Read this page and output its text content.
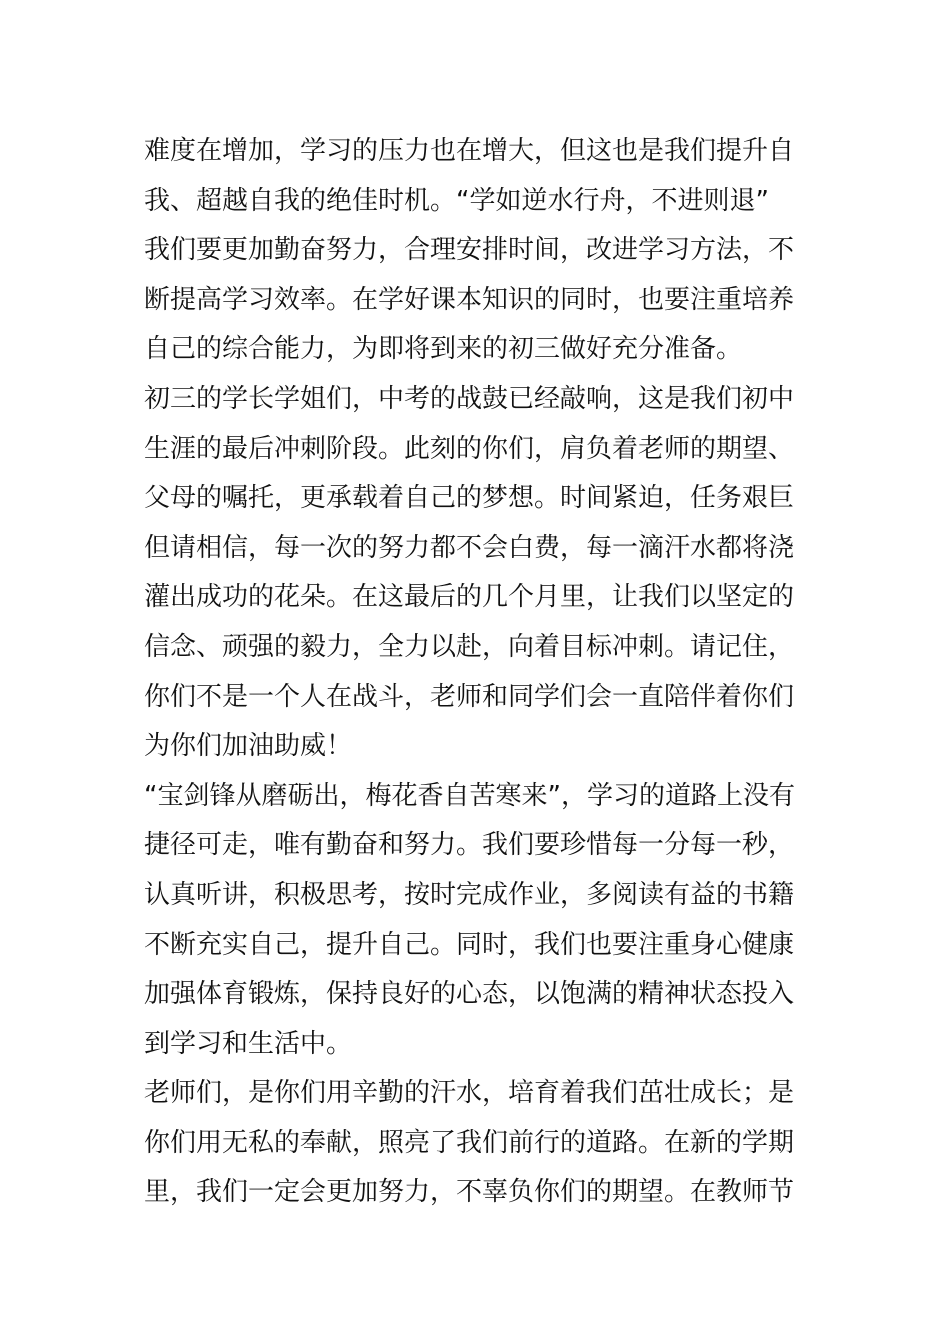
难度在增加，学习的压力也在增大，但这也是我们提升自
我、超越自我的绝佳时机。“学如逆水行舟，不进则退”
我们要更加勤奋努力，合理安排时间，改进学习方法，不
断提高学习效率。在学好课本知识的同时，也要注重培养
自己的综合能力，为即将到来的初三做好充分准备。
初三的学长学姐们，中考的战鼓已经敲响，这是我们初中
生涯的最后冲刺阶段。此刻的你们，肩负着老师的期望、
父母的嘱托，更承载着自己的梦想。时间紧迫，任务艰巨
但请相信，每一次的努力都不会白费，每一滴汗水都将浇
灌出成功的花朵。在这最后的几个月里，让我们以坚定的
信念、顽强的毅力，全力以赴，向着目标冲刺。请记住，
你们不是一个人在战斗，老师和同学们会一直陪伴着你们
为你们加油助威！
“宝剑锋从磨砺出，梅花香自苦寒来”，学习的道路上没有
捷径可走，唯有勤奋和努力。我们要珍惜每一分每一秒，
认真听讲，积极思考，按时完成作业，多阅读有益的书籍
不断充实自己，提升自己。同时，我们也要注重身心健康
加强体育锻炼，保持良好的心态，以饱满的精神状态投入
到学习和生活中。
老师们，是你们用辛勤的汗水，培育着我们茁壮成长；是
你们用无私的奉献，照亮了我们前行的道路。在新的学期
里，我们一定会更加努力，不辜负你们的期望。在教师节
